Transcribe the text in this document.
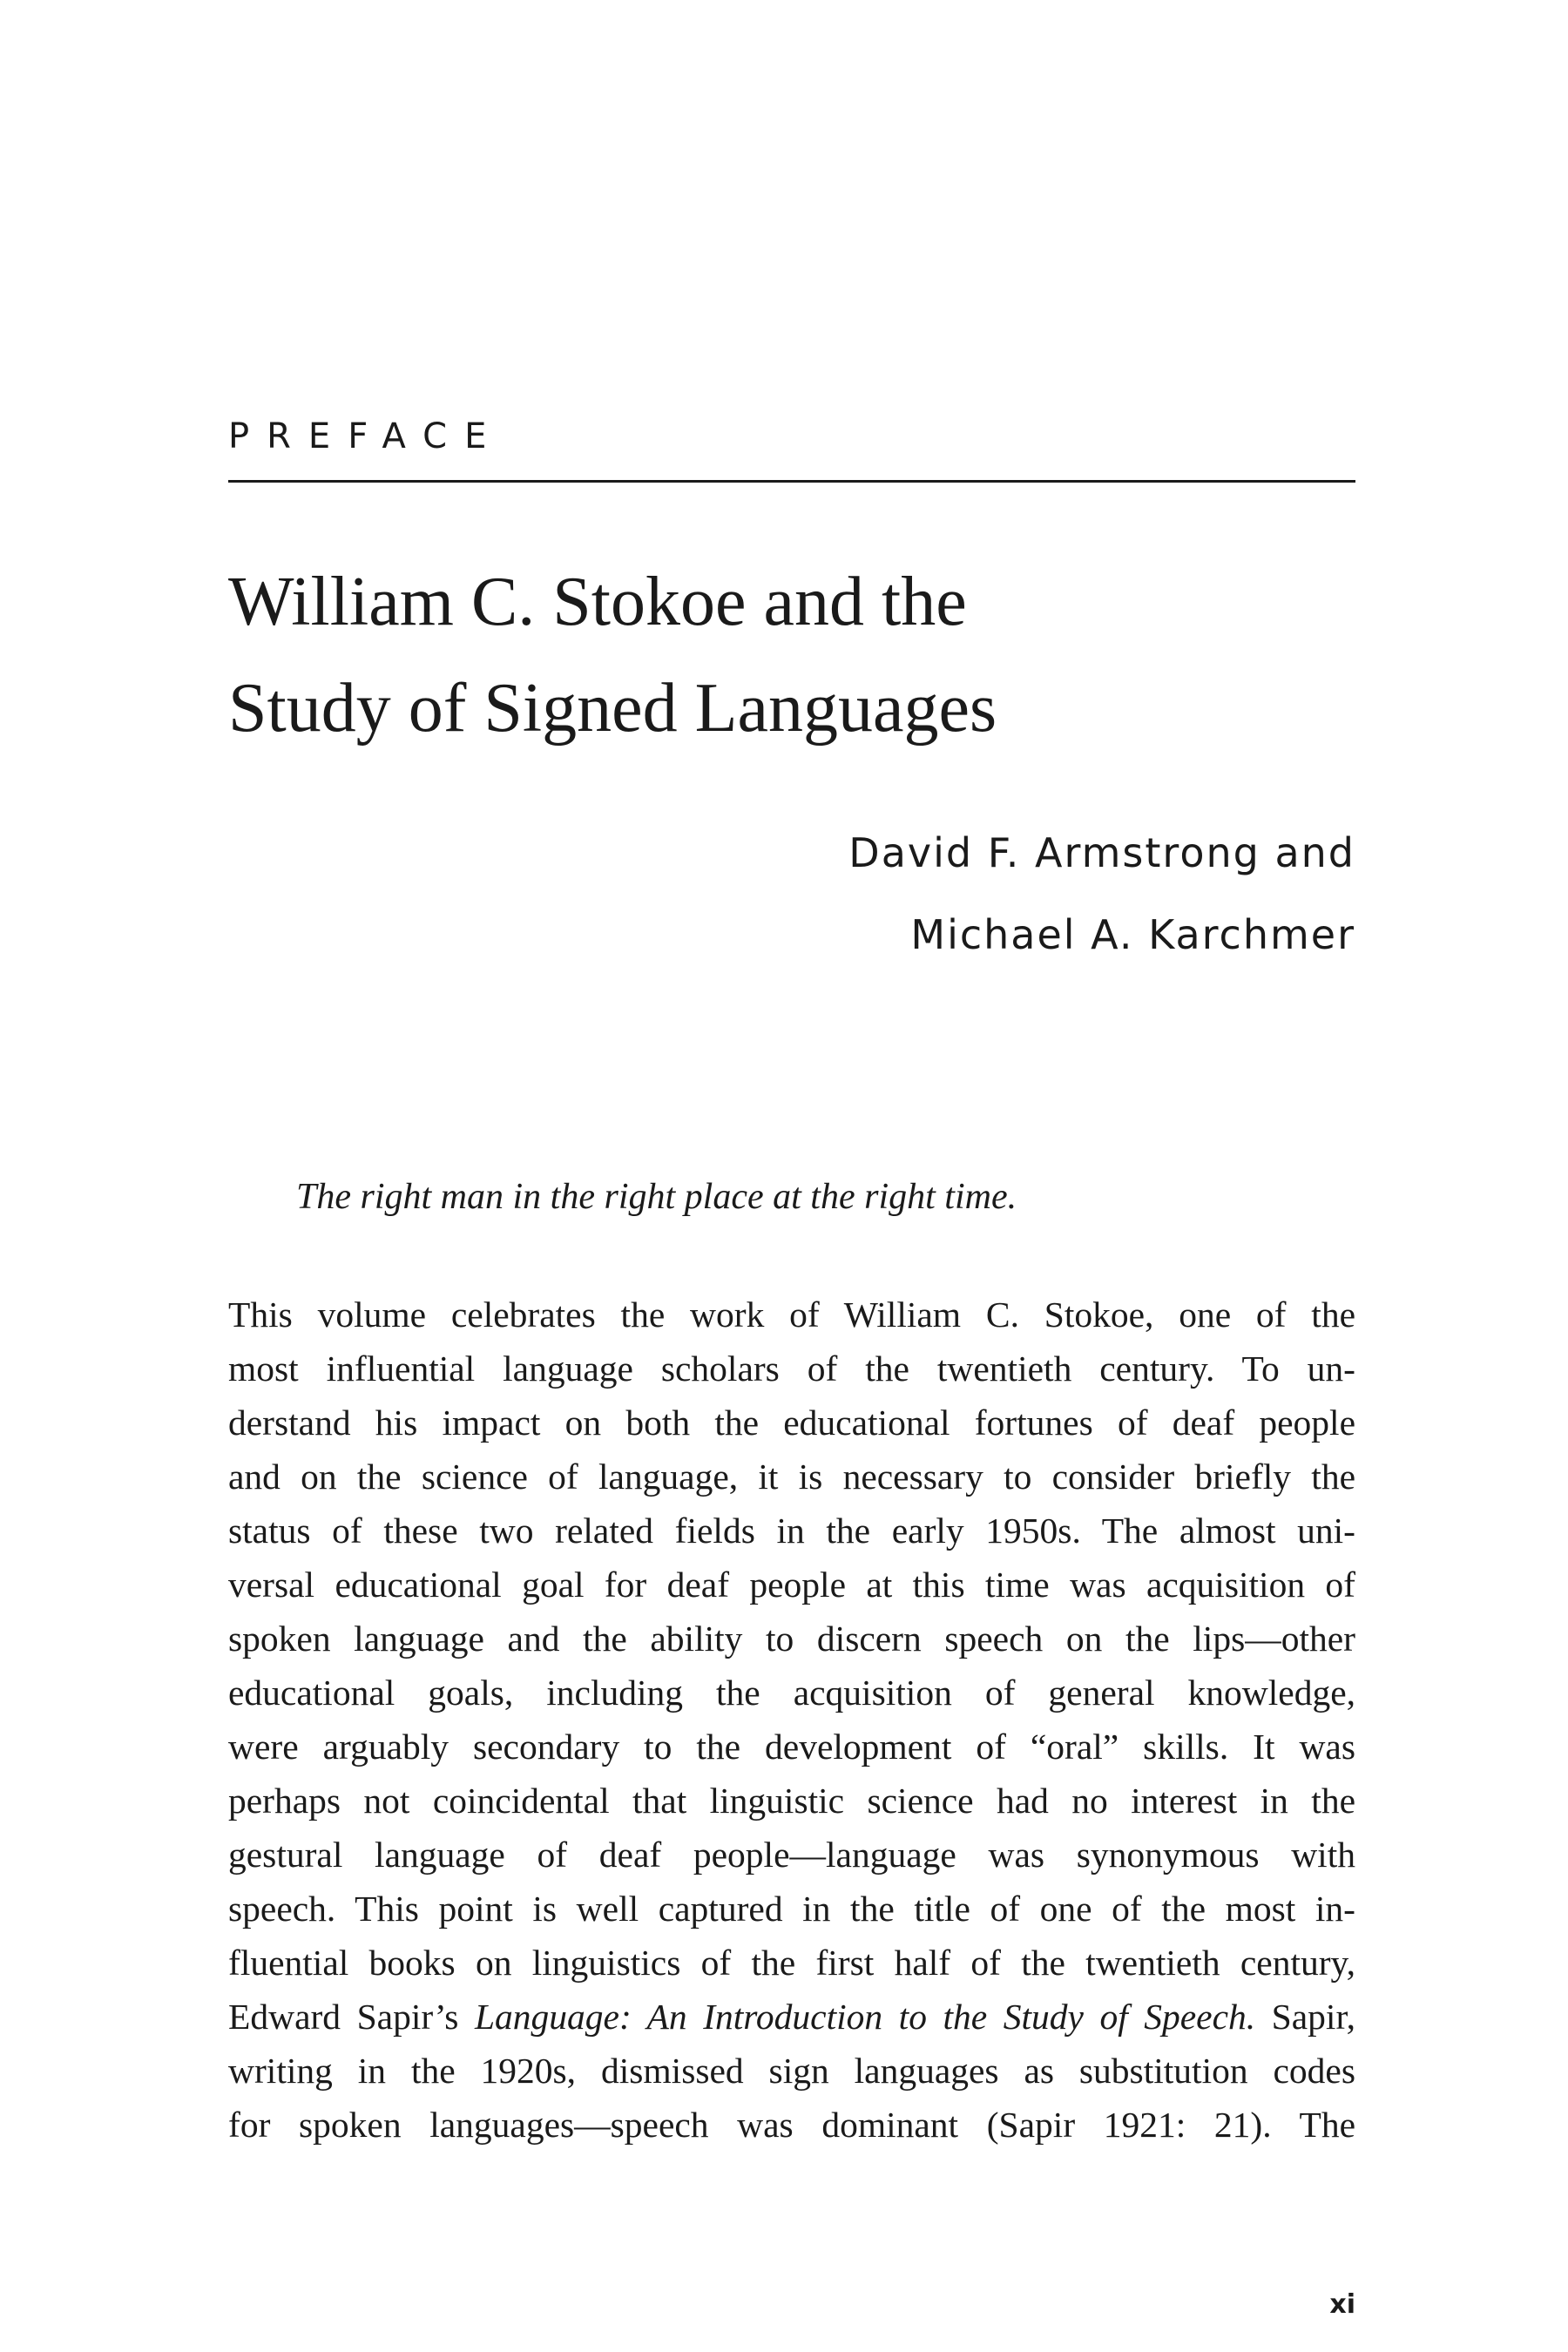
PREFACE
William C. Stokoe and the
Study of Signed Languages
David F. Armstrong and
Michael A. Karchmer
The right man in the right place at the right time.
This volume celebrates the work of William C. Stokoe, one of the
most influential language scholars of the twentieth century. To un-
derstand his impact on both the educational fortunes of deaf people
and on the science of language, it is necessary to consider briefly the
status of these two related fields in the early 1950s. The almost uni-
versal educational goal for deaf people at this time was acquisition of
spoken language and the ability to discern speech on the lips—other
educational goals, including the acquisition of general knowledge,
were arguably secondary to the development of “oral” skills. It was
perhaps not coincidental that linguistic science had no interest in the
gestural language of deaf people—language was synonymous with
speech. This point is well captured in the title of one of the most in-
fluential books on linguistics of the first half of the twentieth century,
Edward Sapir’s Language: An Introduction to the Study of Speech. Sapir,
writing in the 1920s, dismissed sign languages as substitution codes
for spoken languages—speech was dominant (Sapir 1921: 21). The
xi
